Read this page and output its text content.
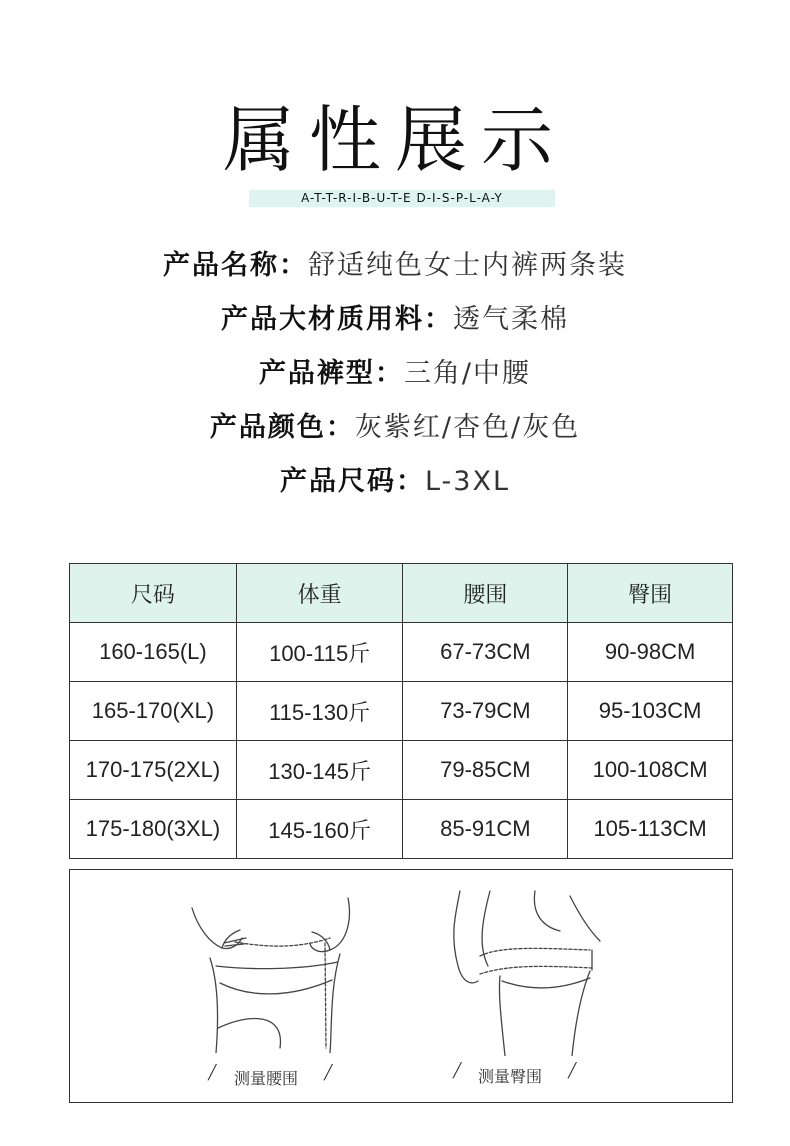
属性展示
A-T-T-R-I-B-U-T-E D-I-S-P-L-A-Y
产品名称：舒适纯色女士内裤两条装
产品大材质用料：透气柔棉
产品裤型：三角/中腰
产品颜色：灰紫红/杏色/灰色
产品尺码：L-3XL
尺码	体重	腰围	臀围
160-165(L)	100-115斤	67-73CM	90-98CM
165-170(XL)	115-130斤	73-79CM	95-103CM
170-175(2XL)	130-145斤	79-85CM	100-108CM
175-180(3XL)	145-160斤	85-91CM	105-113CM
╱ 测量腰围 ╱	╱ 测量臀围 ╱
